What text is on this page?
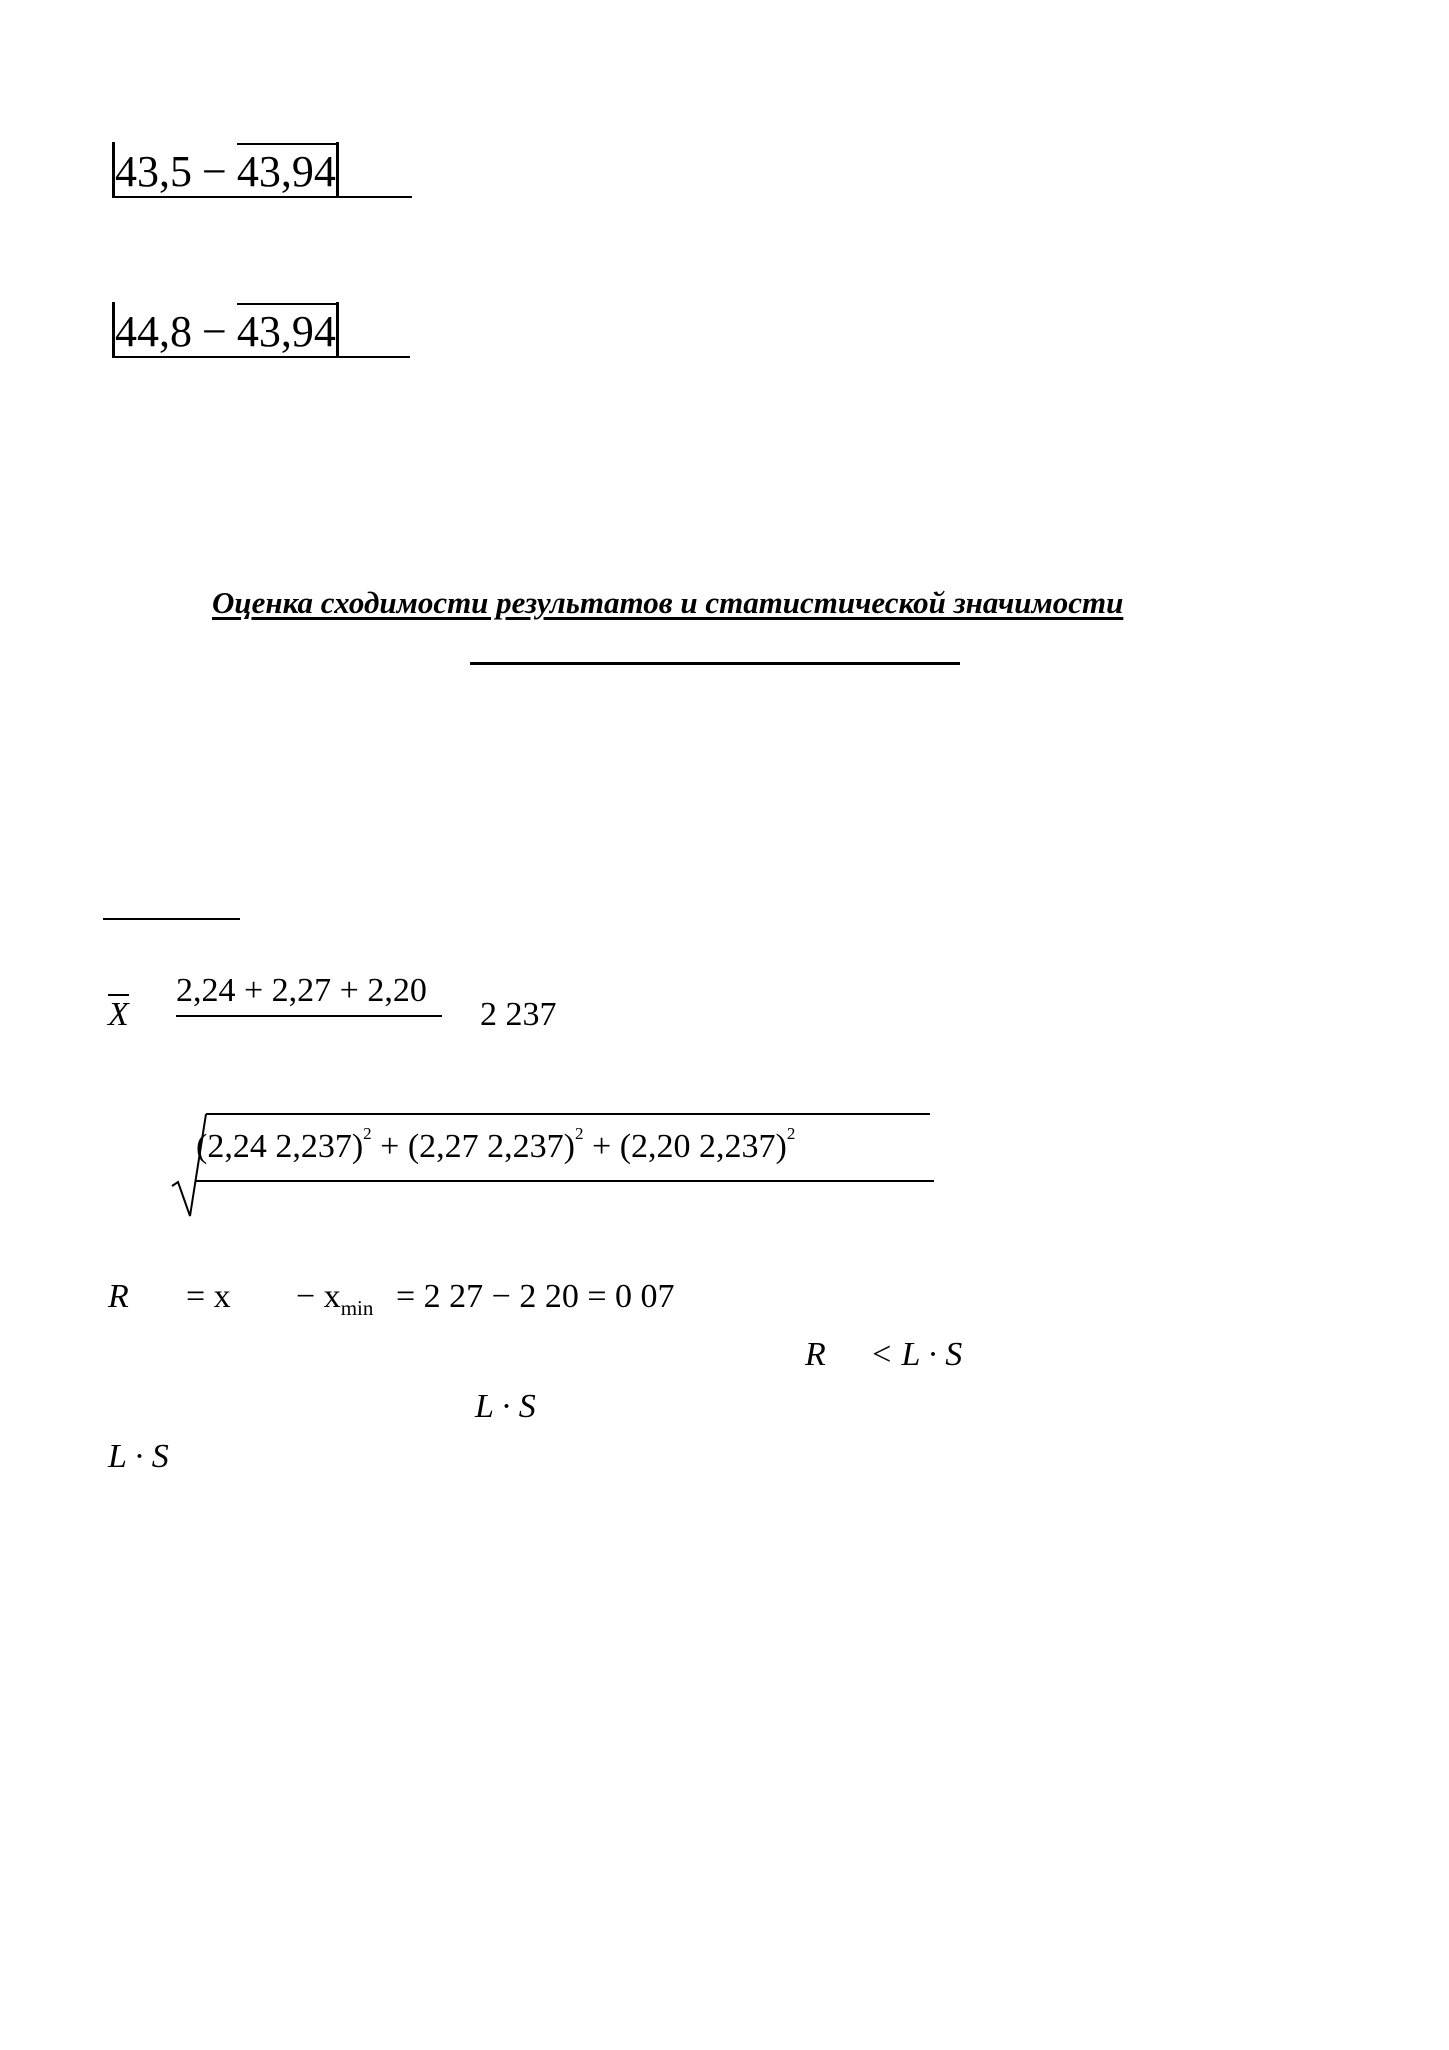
43,5 − 43,94
44,8 − 43,94
Оценка сходимости результатов и статистической значимости
X
2,24 + 2,27 + 2,20
2 237
(2,24 2,237)$^2$ + (2,27 2,237)$^2$ + (2,20 2,237)$^2$
$R = x - x_{min} = 2$ 27 − 2 20 = 0 07
R < L · S
L · S
L · S
